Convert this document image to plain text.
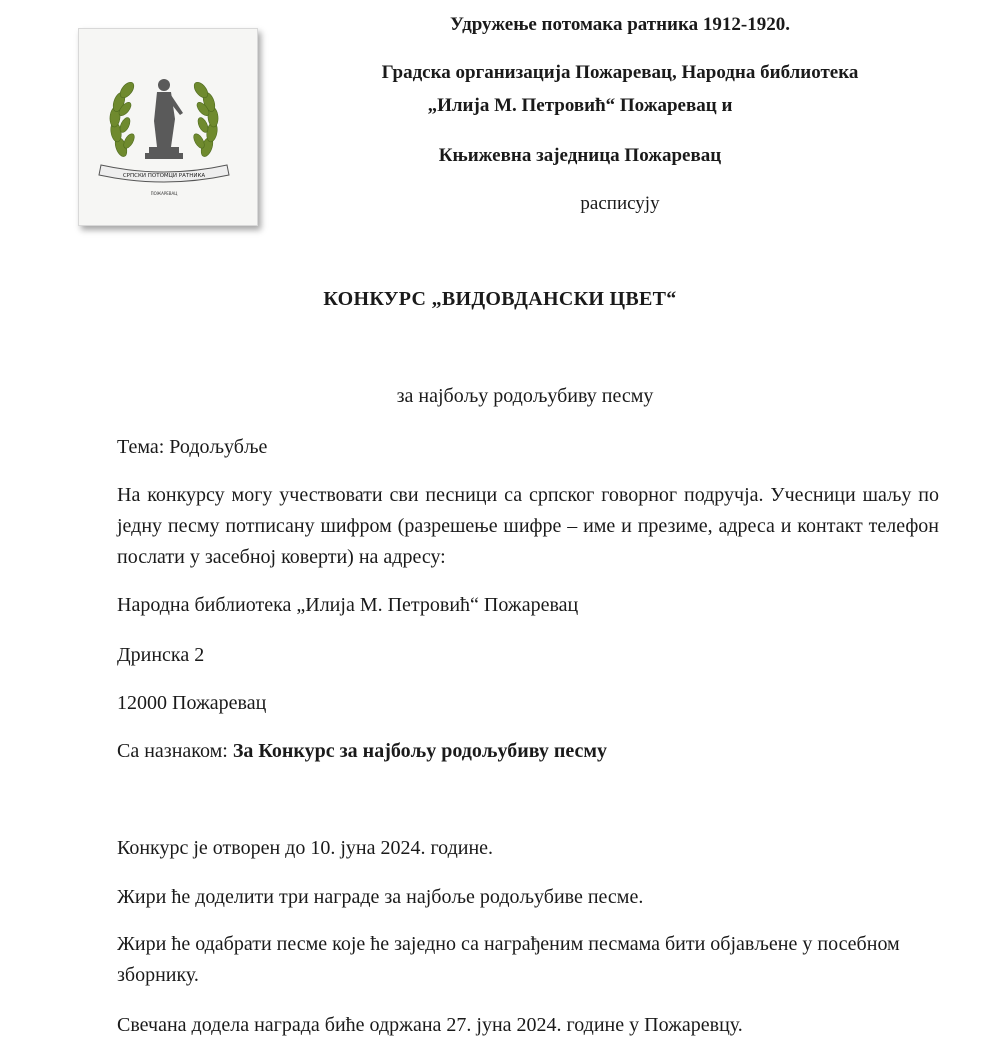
СРПСКИ ПОТОМЦИ РАТНИКА
ПОЖАРЕВАЦ
Удружење потомака ратника 1912-1920.
Градска организација Пожаревац, Народна библиотека
„Илија М. Петровић“ Пожаревац и
Књижевна заједница Пожаревац
расписују
КОНКУРС „ВИДОВДАНСКИ ЦВЕТ“
за најбољу родољубиву песму
Тема: Родољубље
На конкурсу могу учествовати сви песници са српског говорног подручја. Учесници шаљу по једну песму потписану шифром (разрешење шифре – име и презиме, адреса и контакт телефон послати у засебној коверти) на адресу:
Народна библиотека „Илија М. Петровић“ Пожаревац
Дринска 2
12000 Пожаревац
Са назнаком: За Конкурс за најбољу родољубиву песму
Конкурс је отворен до 10. јуна 2024. године.
Жири ће доделити три награде за најбоље родољубиве песме.
Жири ће одабрати песме које ће заједно са награђеним песмама бити објављене у посебном зборнику.
Свечана додела награда биће одржана 27. јуна 2024. године у Пожаревцу.
